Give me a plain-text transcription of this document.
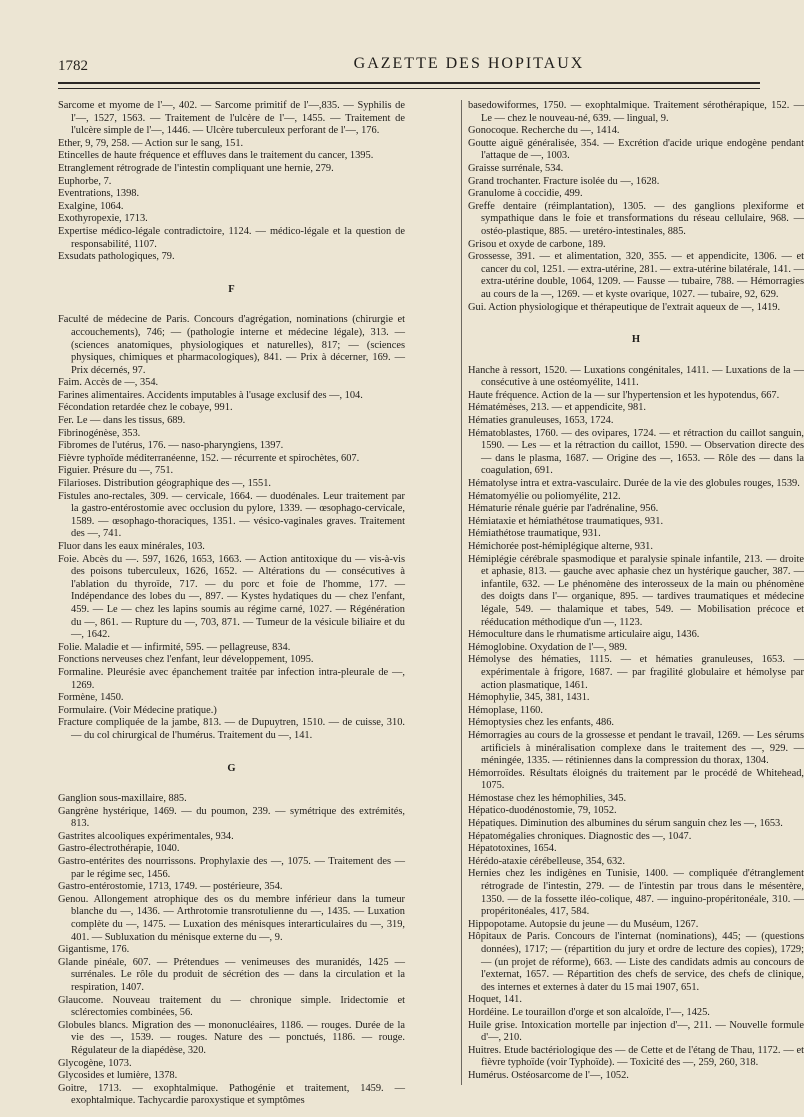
1782	GAZETTE DES HOPITAUX

Sarcome et myome de l'—, 402. — Sarcome primitif de l'—,835. — Syphilis de l'—, 1527, 1563. — Traitement de l'ulcère de l'—, 1455. — Traitement de l'ulcère simple de l'—, 1446. — Ulcère tuberculeux perforant de l'—, 176.

Ether, 9, 79, 258. — Action sur le sang, 151.

Etincelles de haute fréquence et effluves dans le traitement du cancer, 1395.

Etranglement rétrograde de l'intestin compliquant une hernie, 279.

Euphorbe, 7.

Eventrations, 1398.

Exalgine, 1064.

Exothyropexie, 1713.

Expertise médico-légale contradictoire, 1124. — médico-légale et la question de responsabilité, 1107.

Exsudats pathologiques, 79.

F

Faculté de médecine de Paris. Concours d'agrégation, nominations (chirurgie et accouchements), 746; — (pathologie interne et médecine légale), 313. — (sciences anatomiques, physiologiques et naturelles), 817; — (sciences physiques, chimiques et pharmacologiques), 841. — Prix à décerner, 169. — Prix décernés, 97.

Faim. Accès de —, 354.

Farines alimentaires. Accidents imputables à l'usage exclusif des —, 104.

Fécondation retardée chez le cobaye, 991.

Fer. Le — dans les tissus, 689.

Fibrinogénèse, 353.

Fibromes de l'utérus, 176. — naso-pharyngiens, 1397.

Fièvre typhoïde méditerranéenne, 152. — récurrente et spirochètes, 607.

Figuier. Présure du —, 751.

Filarioses. Distribution géographique des —, 1551.

Fistules ano-rectales, 309. — cervicale, 1664. — duodénales. Leur traitement par la gastro-entérostomie avec occlusion du pylore, 1339. — œsophago-cervicale, 1589. — œsophago-thoraciques, 1351. — vésico-vaginales graves. Traitement des —, 741.

Fluor dans les eaux minérales, 103.

Foie. Abcès du —. 597, 1626, 1653, 1663. — Action antitoxique du — vis-à-vis des poisons tuberculeux, 1626, 1652. — Altérations du — consécutives à l'ablation du thyroïde, 717. — du porc et foie de l'homme, 177. — Indépendance des lobes du —, 897. — Kystes hydatiques du — chez l'enfant, 459. — Le — chez les lapins soumis au régime carné, 1027. — Régénération du —, 861. — Rupture du —, 703, 871. — Tumeur de la vésicule biliaire et du —, 1642.

Folie. Maladie et — infirmité, 595. — pellagreuse, 834.

Fonctions nerveuses chez l'enfant, leur développement, 1095.

Formaline. Pleurésie avec épanchement traitée par infection intra-pleurale de —, 1269.

Formène, 1450.

Formulaire. (Voir Médecine pratique.)

Fracture compliquée de la jambe, 813. — de Dupuytren, 1510. — de cuisse, 310. — du col chirurgical de l'humérus. Traitement du —, 141.

G

Ganglion sous-maxillaire, 885.

Gangrène hystérique, 1469. — du poumon, 239. — symétrique des extrémités, 813.

Gastrites alcooliques expérimentales, 934.

Gastro-électrothérapie, 1040.

Gastro-entérites des nourrissons. Prophylaxie des —, 1075. — Traitement des — par le régime sec, 1456.

Gastro-entérostomie, 1713, 1749. — postérieure, 354.

Genou. Allongement atrophique des os du membre inférieur dans la tumeur blanche du —, 1436. — Arthrotomie transrotulienne du —, 1435. — Luxation complète du —, 1475. — Luxation des ménisques interarticulaires du —, 319, 401. — Subluxation du ménisque externe du —, 9.

Gigantisme, 176.

Glande pinéale, 607. — Prétendues — venimeuses des muranidés, 1425 — surrénales. Le rôle du produit de sécrétion des — dans la circulation et la respiration, 1407.

Glaucome. Nouveau traitement du — chronique simple. Iridectomie et sclérectomies combinées, 56.

Globules blancs. Migration des — mononucléaires, 1186. — rouges. Durée de la vie des —, 1539. — rouges. Nature des — ponctués, 1186. — rouge. Régulateur de la diapédèse, 320.

Glycogène, 1073.

Glycosides et lumière, 1378.

Goitre, 1713. — exophtalmique. Pathogénie et traitement, 1459. — exophtalmique. Tachycardie paroxystique et symptômes

basedowiformes, 1750. — exophtalmique. Traitement sérothérapique, 152. — Le — chez le nouveau-né, 639. — lingual, 9.

Gonocoque. Recherche du —, 1414.

Goutte aiguë généralisée, 354. — Excrétion d'acide urique endogène pendant l'attaque de —, 1003.

Graisse surrénale, 534.

Grand trochanter. Fracture isolée du —, 1628.

Granulome à coccidie, 499.

Greffe dentaire (réimplantation), 1305. — des ganglions plexiforme et sympathique dans le foie et transformations du réseau cellulaire, 968. — ostéo-plastique, 885. — uretéro-intestinales, 885.

Grisou et oxyde de carbone, 189.

Grossesse, 391. — et alimentation, 320, 355. — et appendicite, 1306. — et cancer du col, 1251. — extra-utérine, 281. — extra-utérine bilatérale, 141. — extra-utérine double, 1064, 1209. — Fausse — tubaire, 788. — Hémorragies au cours de la —, 1269. — et kyste ovarique, 1027. — tubaire, 92, 629.

Gui. Action physiologique et thérapeutique de l'extrait aqueux de —, 1419.

H

Hanche à ressort, 1520. — Luxations congénitales, 1411. — Luxations de la — consécutive à une ostéomyélite, 1411.

Haute fréquence. Action de la — sur l'hypertension et les hypotendus, 667.

Hématémèses, 213. — et appendicite, 981.

Hématies granuleuses, 1653, 1724.

Hématoblastes, 1760. — des ovipares, 1724. — et rétraction du caillot sanguin, 1590. — Les — et la rétraction du caillot, 1590. — Observation directe des — dans le plasma, 1687. — Origine des —, 1653. — Rôle des — dans la coagulation, 691.

Hématolyse intra et extra-vasculairc. Durée de la vie des globules rouges, 1539.

Hématomyélie ou poliomyélite, 212.

Hématurie rénale guérie par l'adrénaline, 956.

Hémiataxie et hémiathétose traumatiques, 931.

Hémiathétose traumatique, 931.

Hémichorée post-hémiplégique alterne, 931.

Hémiplégie cérébrale spasmodique et paralysie spinale infantile, 213. — droite et aphasie, 813. — gauche avec aphasie chez un hystérique gaucher, 387. — infantile, 632. — Le phénomène des interosseux de la main ou phénomène des doigts dans l'— organique, 895. — tardives traumatiques et médecine légale, 549. — thalamique et tabes, 549. — Mobilisation précoce et rééducation méthodique d'un —, 1123.

Hémoculture dans le rhumatisme articulaire aigu, 1436.

Hémoglobine. Oxydation de l'—, 989.

Hémolyse des hématies, 1115. — et hématies granuleuses, 1653. — expérimentale à frigore, 1687. — par fragilité globulaire et hémolyse par action plasmatique, 1461.

Hémophylie, 345, 381, 1431.

Hémoplase, 1160.

Hémoptysies chez les enfants, 486.

Hémorragies au cours de la grossesse et pendant le travail, 1269. — Les sérums artificiels à minéralisation complexe dans le traitement des —, 929. — méningée, 1335. — rétiniennes dans la compression du thorax, 1304.

Hémorroïdes. Résultats éloignés du traitement par le procédé de Whitehead, 1075.

Hémostase chez les hémophilies, 345.

Hépatico-duodénostomie, 79, 1052.

Hépatiques. Diminution des albumines du sérum sanguin chez les —, 1653.

Hépatomégalies chroniques. Diagnostic des —, 1047.

Hépatotoxines, 1654.

Hérédo-ataxie cérébelleuse, 354, 632.

Hernies chez les indigènes en Tunisie, 1400. — compliquée d'étranglement rétrograde de l'intestin, 279. — de l'intestin par trous dans le mésentère, 1350. — de la fossette iléo-colique, 487. — inguino-propéritonéale, 310. — propéritonéales, 417, 584.

Hippopotame. Autopsie du jeune — du Muséum, 1267.

Hôpitaux de Paris. Concours de l'internat (nominations), 445; — (questions données), 1717; — (répartition du jury et ordre de lecture des copies), 1729; — (un projet de réforme), 663. — Liste des candidats admis au concours de l'externat, 1657. — Répartition des chefs de service, des chefs de clinique, des internes et externes à dater du 15 mai 1907, 651.

Hoquet, 141.

Hordéine. Le touraillon d'orge et son alcaloïde, l'—, 1425.

Huile grise. Intoxication mortelle par injection d'—, 211. — Nouvelle formule d'—, 210.

Huitres. Etude bactériologique des — de Cette et de l'étang de Thau, 1172. — et fièvre typhoïde (voir Typhoïde). — Toxicité des —, 259, 260, 318.

Humérus. Ostéosarcome de l'—, 1052.
